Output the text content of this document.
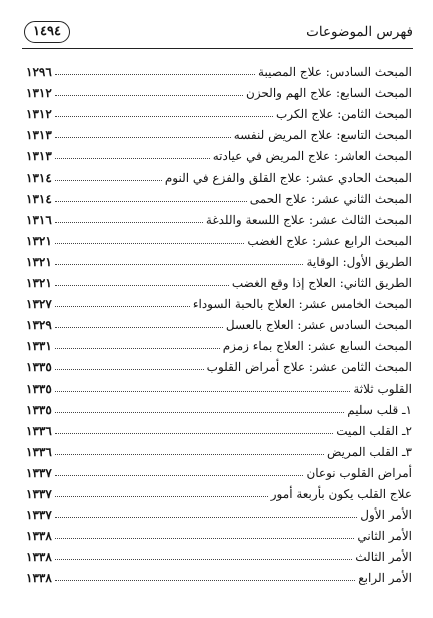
فهرس الموضوعات
١٤٩٤
المبحث السادس: علاج المصيبة
١٢٩٦
المبحث السابع: علاج الهم والحزن
١٣١٢
المبحث الثامن: علاج الكرب
١٣١٢
المبحث التاسع: علاج المريض لنفسه
١٣١٣
المبحث العاشر: علاج المريض في عيادته
١٣١٣
المبحث الحادي عشر: علاج القلق والفزع في النوم
١٣١٤
المبحث الثاني عشر: علاج الحمى
١٣١٤
المبحث الثالث عشر: علاج اللسعة واللدغة
١٣١٦
المبحث الرابع عشر: علاج الغضب
١٣٢١
الطريق الأول: الوقاية
١٣٢١
الطريق الثاني: العلاج إذا وقع الغضب
١٣٢١
المبحث الخامس عشر: العلاج بالحبة السوداء
١٣٢٧
المبحث السادس عشر: العلاج بالعسل
١٣٢٩
المبحث السابع عشر: العلاج بماء زمزم
١٣٣١
المبحث الثامن عشر: علاج أمراض القلوب
١٣٣٥
القلوب ثلاثة
١٣٣٥
١ـ قلب سليم
١٣٣٥
٢ـ القلب الميت
١٣٣٦
٣ـ القلب المريض
١٣٣٦
أمراض القلوب نوعان
١٣٣٧
علاج القلب يكون بأربعة أمور
١٣٣٧
الأمر الأول
١٣٣٧
الأمر الثاني
١٣٣٨
الأمر الثالث
١٣٣٨
الأمر الرابع
١٣٣٨
